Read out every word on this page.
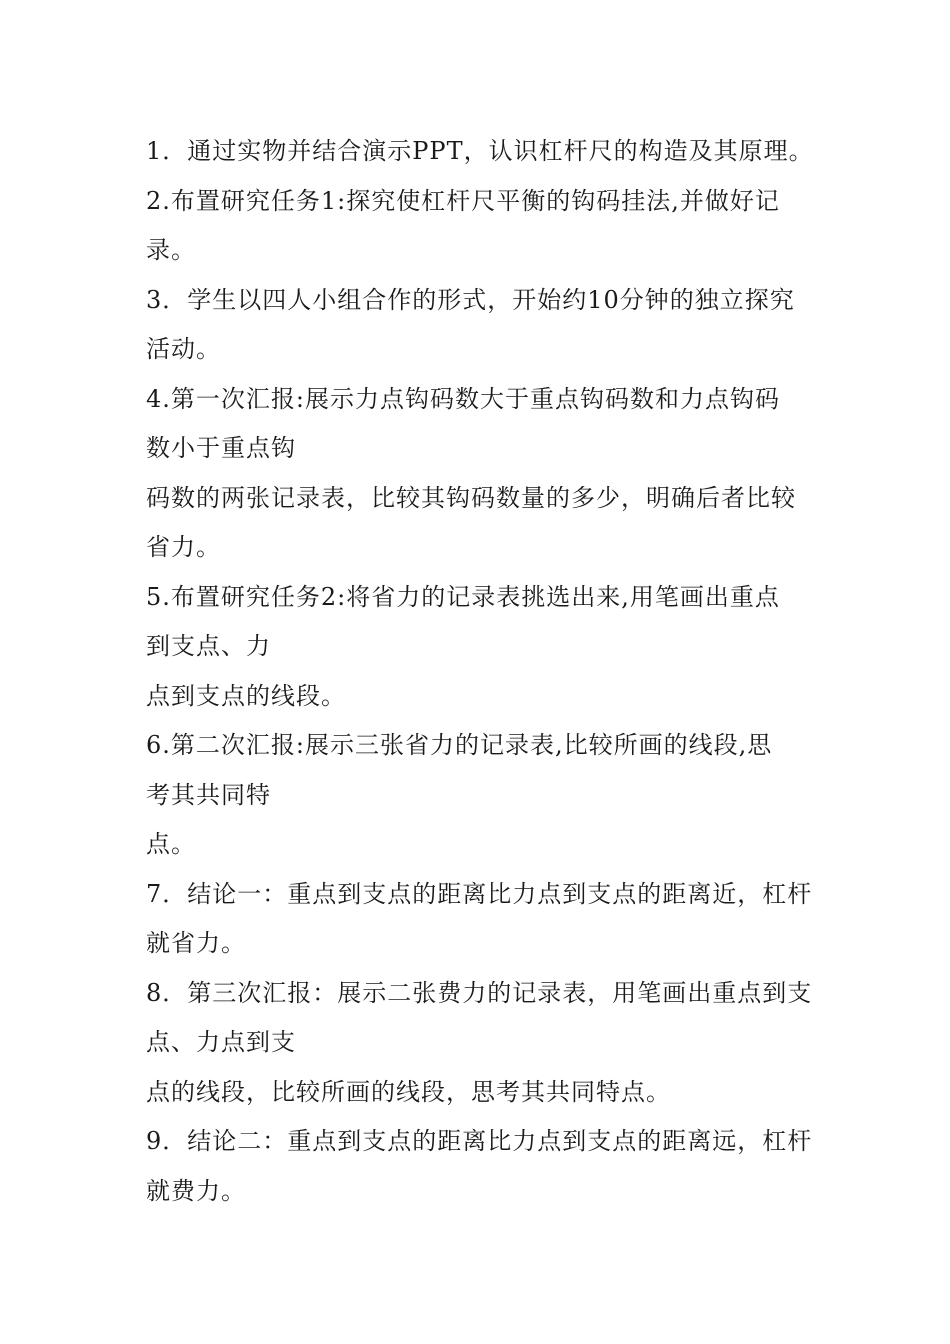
1．通过实物并结合演示PPT，认识杠杆尺的构造及其原理。
2.布置研究任务1:探究使杠杆尺平衡的钩码挂法,并做好记
录。
3．学生以四人小组合作的形式，开始约10分钟的独立探究
活动。
4.第一次汇报:展示力点钩码数大于重点钩码数和力点钩码
数小于重点钩
码数的两张记录表，比较其钩码数量的多少，明确后者比较
省力。
5.布置研究任务2:将省力的记录表挑选出来,用笔画出重点
到支点、力
点到支点的线段。
6.第二次汇报:展示三张省力的记录表,比较所画的线段,思
考其共同特
点。
7．结论一：重点到支点的距离比力点到支点的距离近，杠杆
就省力。
8．第三次汇报：展示二张费力的记录表，用笔画出重点到支
点、力点到支
点的线段，比较所画的线段，思考其共同特点。
9．结论二：重点到支点的距离比力点到支点的距离远，杠杆
就费力。
